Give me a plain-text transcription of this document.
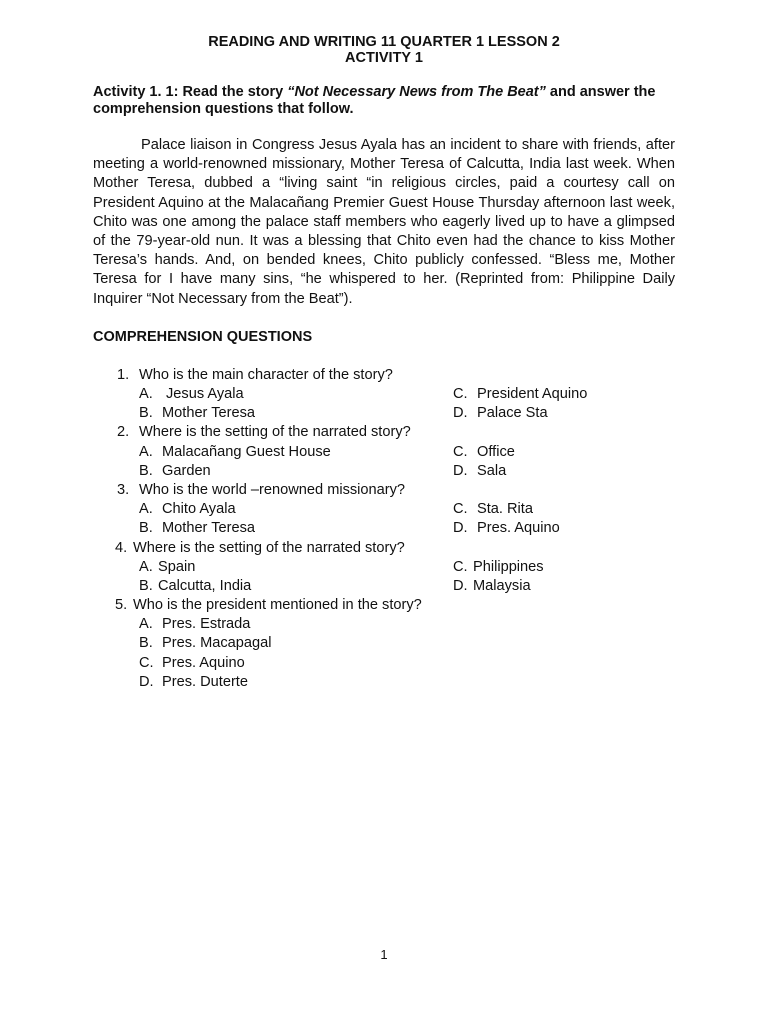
READING AND WRITING 11 QUARTER 1 LESSON 2
ACTIVITY 1
Activity 1. 1: Read the story “Not Necessary News from The Beat” and answer the comprehension questions that follow.
Palace liaison in Congress Jesus Ayala has an incident to share with friends, after meeting a world-renowned missionary, Mother Teresa of Calcutta, India last week. When Mother Teresa, dubbed a “living saint “in religious circles, paid a courtesy call on President Aquino at the Malacañang Premier Guest House Thursday afternoon last week, Chito was one among the palace staff members who eagerly lived up to have a glimpsed of the 79-year-old nun. It was a blessing that Chito even had the chance to kiss Mother Teresa’s hands. And, on bended knees, Chito publicly confessed. “Bless me, Mother Teresa for I have many sins, “he whispered to her. (Reprinted from: Philippine Daily Inquirer “Not Necessary from the Beat”).
COMPREHENSION QUESTIONS
1. Who is the main character of the story?
A. Jesus Ayala	C. President Aquino
B. Mother Teresa	D. Palace Sta
2. Where is the setting of the narrated story?
A. Malacañang Guest House	C. Office
B. Garden	D. Sala
3. Who is the world –renowned missionary?
A. Chito Ayala	C. Sta. Rita
B. Mother Teresa	D. Pres. Aquino
4. Where is the setting of the narrated story?
A. Spain	C. Philippines
B. Calcutta, India	D. Malaysia
5. Who is the president mentioned in the story?
A. Pres. Estrada
B. Pres. Macapagal
C. Pres. Aquino
D. Pres. Duterte
1
